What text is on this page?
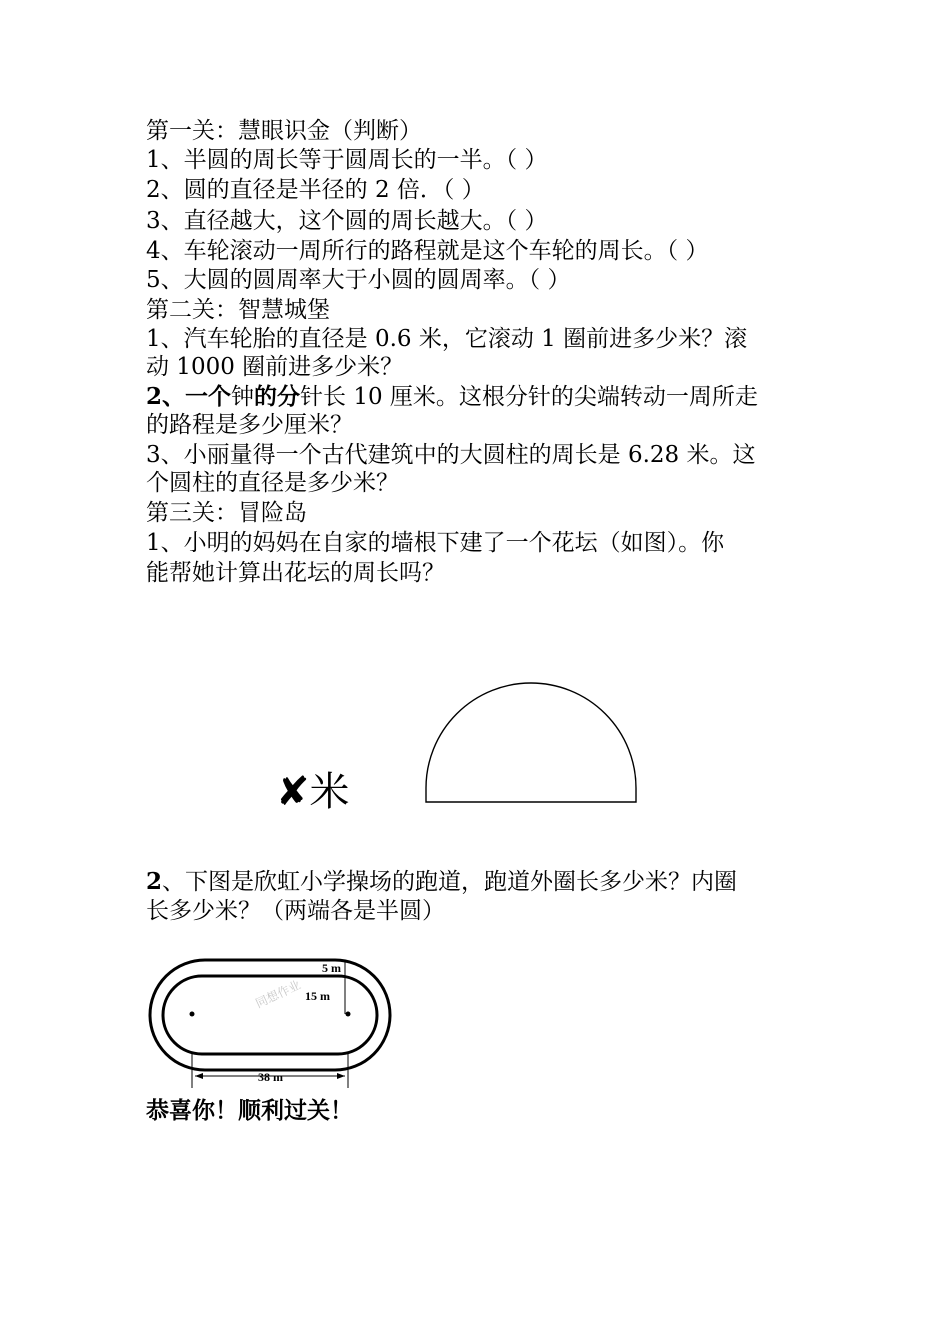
第一关：慧眼识金（判断）
1、半圆的周长等于圆周长的一半。（ ）
2、圆的直径是半径的 2 倍．（ ）
3、直径越大，这个圆的周长越大。（ ）
4、车轮滚动一周所行的路程就是这个车轮的周长。（ ）
5、大圆的圆周率大于小圆的圆周率。（ ）
第二关：智慧城堡
1、汽车轮胎的直径是 0.6 米，它滚动 1 圈前进多少米？滚
动 1000 圈前进多少米？
2、一个钟的分针长 10 厘米。这根分针的尖端转动一周所走
的路程是多少厘米？
3、小丽量得一个古代建筑中的大圆柱的周长是 6.28 米。这
个圆柱的直径是多少米？
第三关：冒险岛
1、小明的妈妈在自家的墙根下建了一个花坛（如图）。你
能帮她计算出花坛的周长吗？
✘米
2、下图是欣虹小学操场的跑道，跑道外圈长多少米？内圈
长多少米？（两端各是半圆）
5 m
15 m
38 m
同想作业
恭喜你！顺利过关！
